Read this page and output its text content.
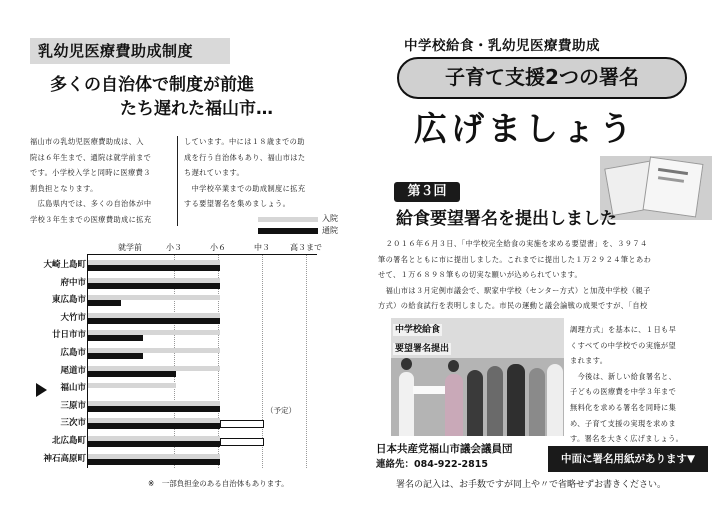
乳幼児医療費助成制度
多くの自治体で制度が前進
たち遅れた福山市…
福山市の乳幼児医療費助成は、入
院は６年生まで、通院は就学前まで
です。小学校入学と同時に医療費３
割負担となります。
　広島県内では、多くの自治体が中
学校３年生までの医療費助成に拡充
しています。中には１８歳までの助
成を行う自治体もあり、福山市はた
ち遅れています。
　中学校卒業までの助成制度に拡充
する要望署名を集めましょう。
入院
通院
就学前	小３	小６	中３	高３まで
大崎上島町
府中市
東広島市
大竹市
廿日市市
広島市
尾道市
福山市
三原市
三次市
北広島町
神石高原町
（予定）
※　一部負担金のある自治体もあります。
中学校給食・乳幼児医療費助成
子育て支援2つの署名
広げましょう
第３回
給食要望署名を提出しました
　２０１６年６月３日、「中学校完全給食の実施を求める要望書」を、３９７４
筆の署名とともに市に提出しました。これまでに提出した１万２９２４筆とあわ
せて、１万６８９８筆もの切実な願いが込められています。
　福山市は３月定例市議会で、駅家中学校（センター方式）と加茂中学校（親子
方式）の給食試行を表明しました。市民の運動と議会論戦の成果ですが、「自校
中学校給食
要望署名提出
調理方式」を基本に、１日も早
くすべての中学校での実施が望
まれます。
　今後は、新しい給食署名と、
子どもの医療費を中学３年まで
無料化を求める署名を同時に集
め、子育て支援の実現を求めま
す。署名を大きく広げましょう。
日本共産党福山市議会議員団
連絡先：084-922-2815	中面に署名用紙があります▼
署名の記入は、お手数ですが同上や〃で省略せずお書きください。
